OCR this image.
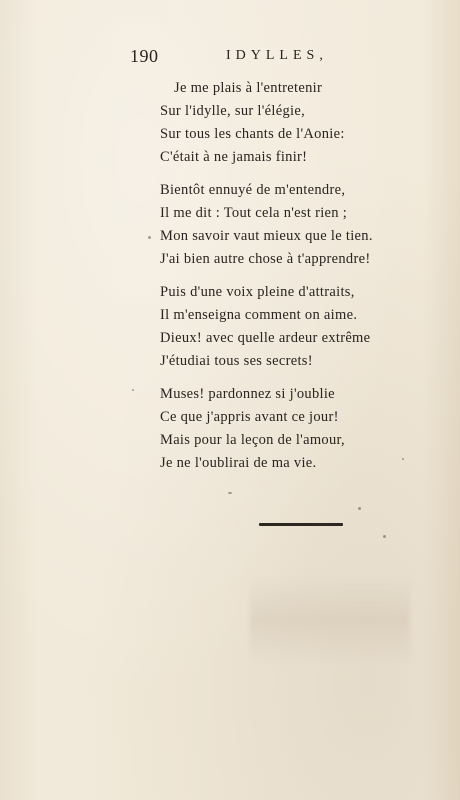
190	IDYLLES,
Je me plais à l'entretenir
Sur l'idylle, sur l'élégie,
Sur tous les chants de l'Aonie:
C'était à ne jamais finir!
Bientôt ennuyé de m'entendre,
Il me dit : Tout cela n'est rien ;
Mon savoir vaut mieux que le tien.
J'ai bien autre chose à t'apprendre!
Puis d'une voix pleine d'attraits,
Il m'enseigna comment on aime.
Dieux! avec quelle ardeur extrême
J'étudiai tous ses secrets!
Muses! pardonnez si j'oublie
Ce que j'appris avant ce jour!
Mais pour la leçon de l'amour,
Je ne l'oublirai de ma vie.
